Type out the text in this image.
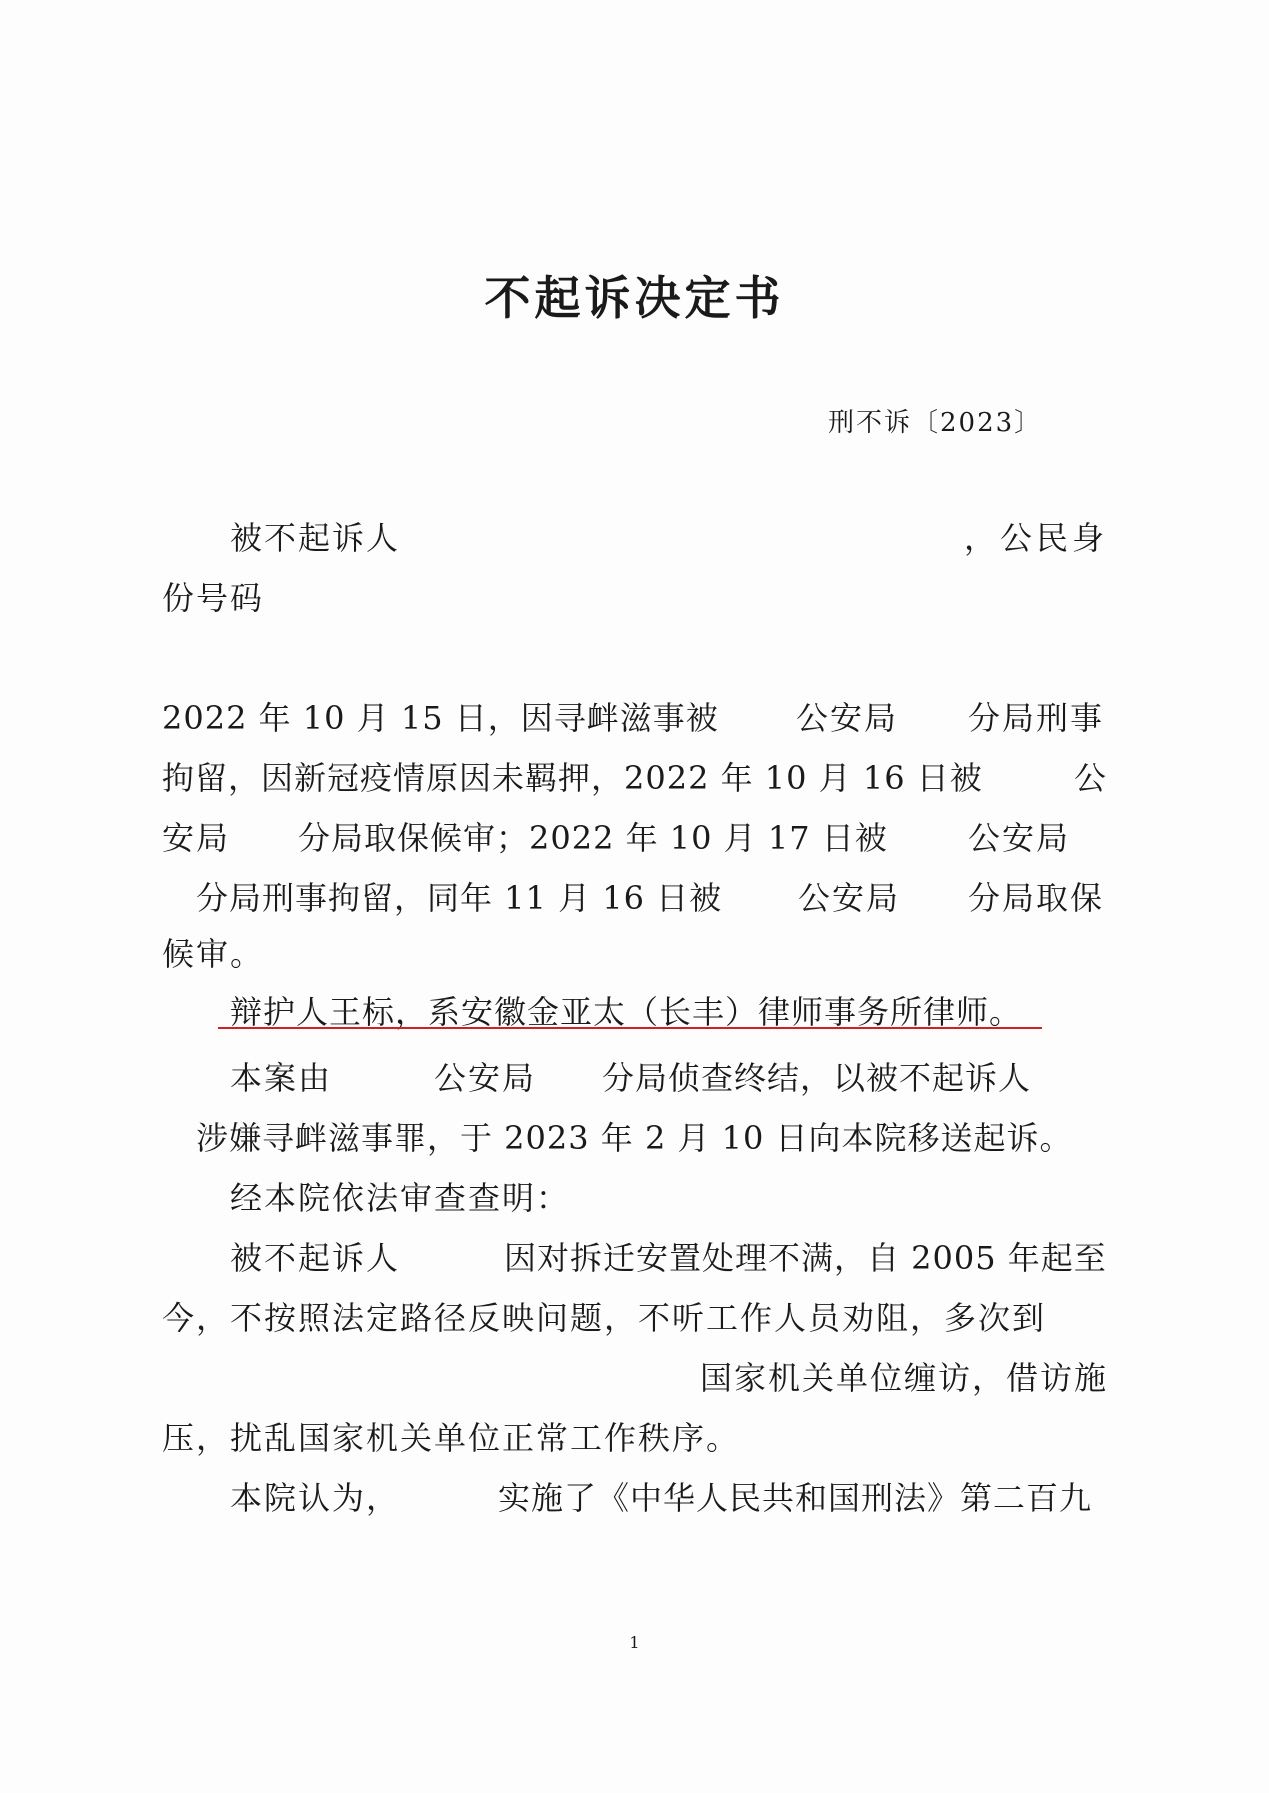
不起诉决定书
刑不诉〔2023〕
被不起诉人	，公民身
份号码
2022 年 10 月 15 日，因寻衅滋事被 公安局 分局刑事
拘留，因新冠疫情原因未羁押，2022 年 10 月 16 日被	公
安局 分局取保候审；2022 年 10 月 17 日被	公安局
分局刑事拘留，同年 11 月 16 日被 公安局 分局取保
候审。
辩护人王标，系安徽金亚太（长丰）律师事务所律师。
本案由	公安局 分局侦查终结，以被不起诉人
涉嫌寻衅滋事罪，于 2023 年 2 月 10 日向本院移送起诉。
经本院依法审查查明：
被不起诉人	因对拆迁安置处理不满，自 2005 年起至
今，不按照法定路径反映问题，不听工作人员劝阻，多次到
国家机关单位缠访，借访施
压，扰乱国家机关单位正常工作秩序。
本院认为，	实施了《中华人民共和国刑法》第二百九
1
